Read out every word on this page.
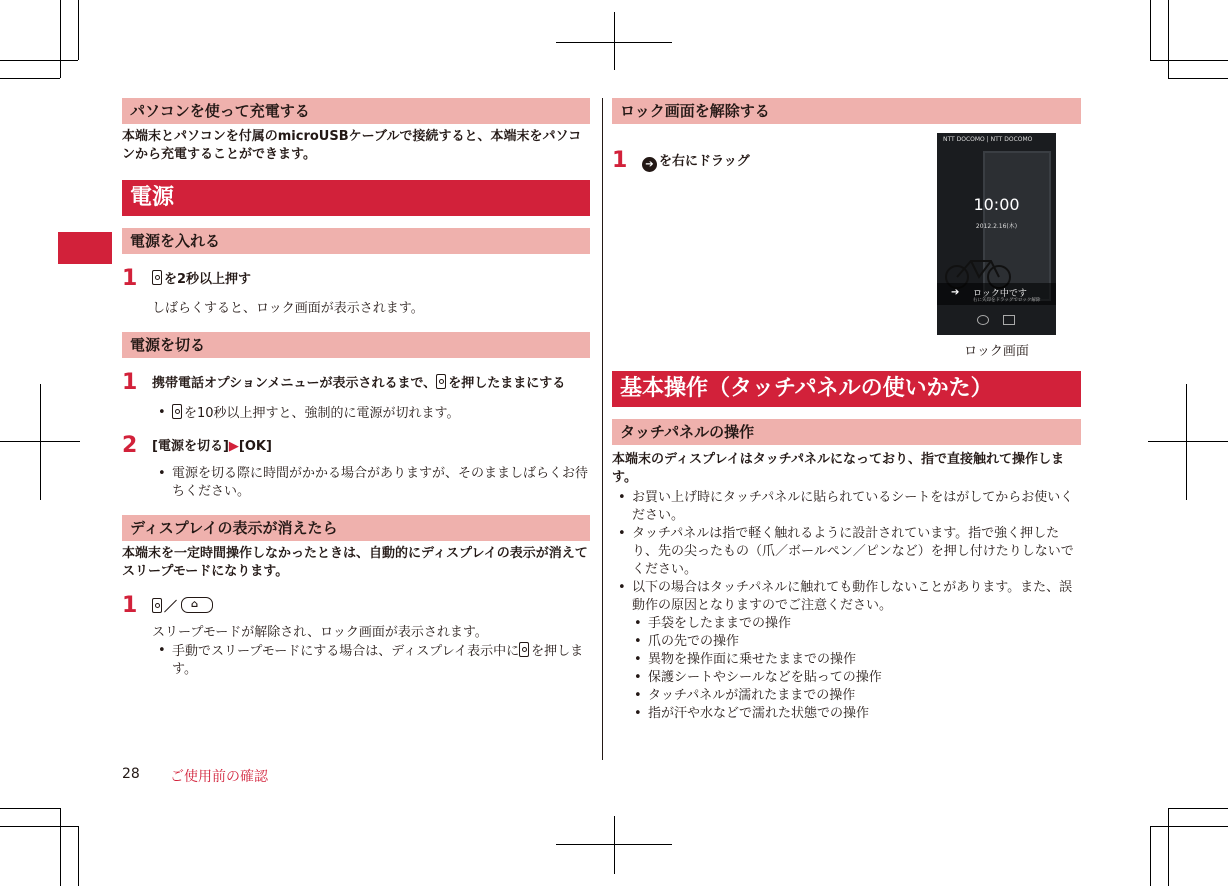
パソコンを使って充電する

本端末とパソコンを付属のmicroUSBケーブルで接続すると、本端末をパソコンから充電することができます。

電源
電源を入れる
1 を2秒以上押す
しばらくすると、ロック画面が表示されます。
電源を切る
1 携帯電話オプションメニューが表示されるまで、 を押したままにする
• を10秒以上押すと、強制的に電源が切れます。
2 [電源を切る]▶[OK]
• 電源を切る際に時間がかかる場合がありますが、そのまましばらくお待ちください。
ディスプレイの表示が消えたら

本端末を一定時間操作しなかったときは、自動的にディスプレイの表示が消えてスリープモードになります。

1 ／ ⌂
スリープモードが解除され、ロック画面が表示されます。
• 手動でスリープモードにする場合は、ディスプレイ表示中に を押します。
ロック画面を解除する
1 ➔ を右にドラッグ
基本操作（タッチパネルの使いかた）
タッチパネルの操作

本端末のディスプレイはタッチパネルになっており、指で直接触れて操作します。

• お買い上げ時にタッチパネルに貼られているシートをはがしてからお使いください。
• タッチパネルは指で軽く触れるように設計されています。指で強く押したり、先の尖ったもの（爪／ボールペン／ピンなど）を押し付けたりしないでください。
• 以下の場合はタッチパネルに触れても動作しないことがあります。また、誤動作の原因となりますのでご注意ください。
• 手袋をしたままでの操作
• 爪の先での操作
• 異物を操作面に乗せたままでの操作
• 保護シートやシールなどを貼っての操作
• タッチパネルが濡れたままでの操作
• 指が汗や水などで濡れた状態での操作
NTT DOCOMO | NTT DOCOMO
10:00
2012.2.16(木)
➔ ロック中です
右に矢印をドラッグでロック解除
ロック画面
28 ご使用前の確認
